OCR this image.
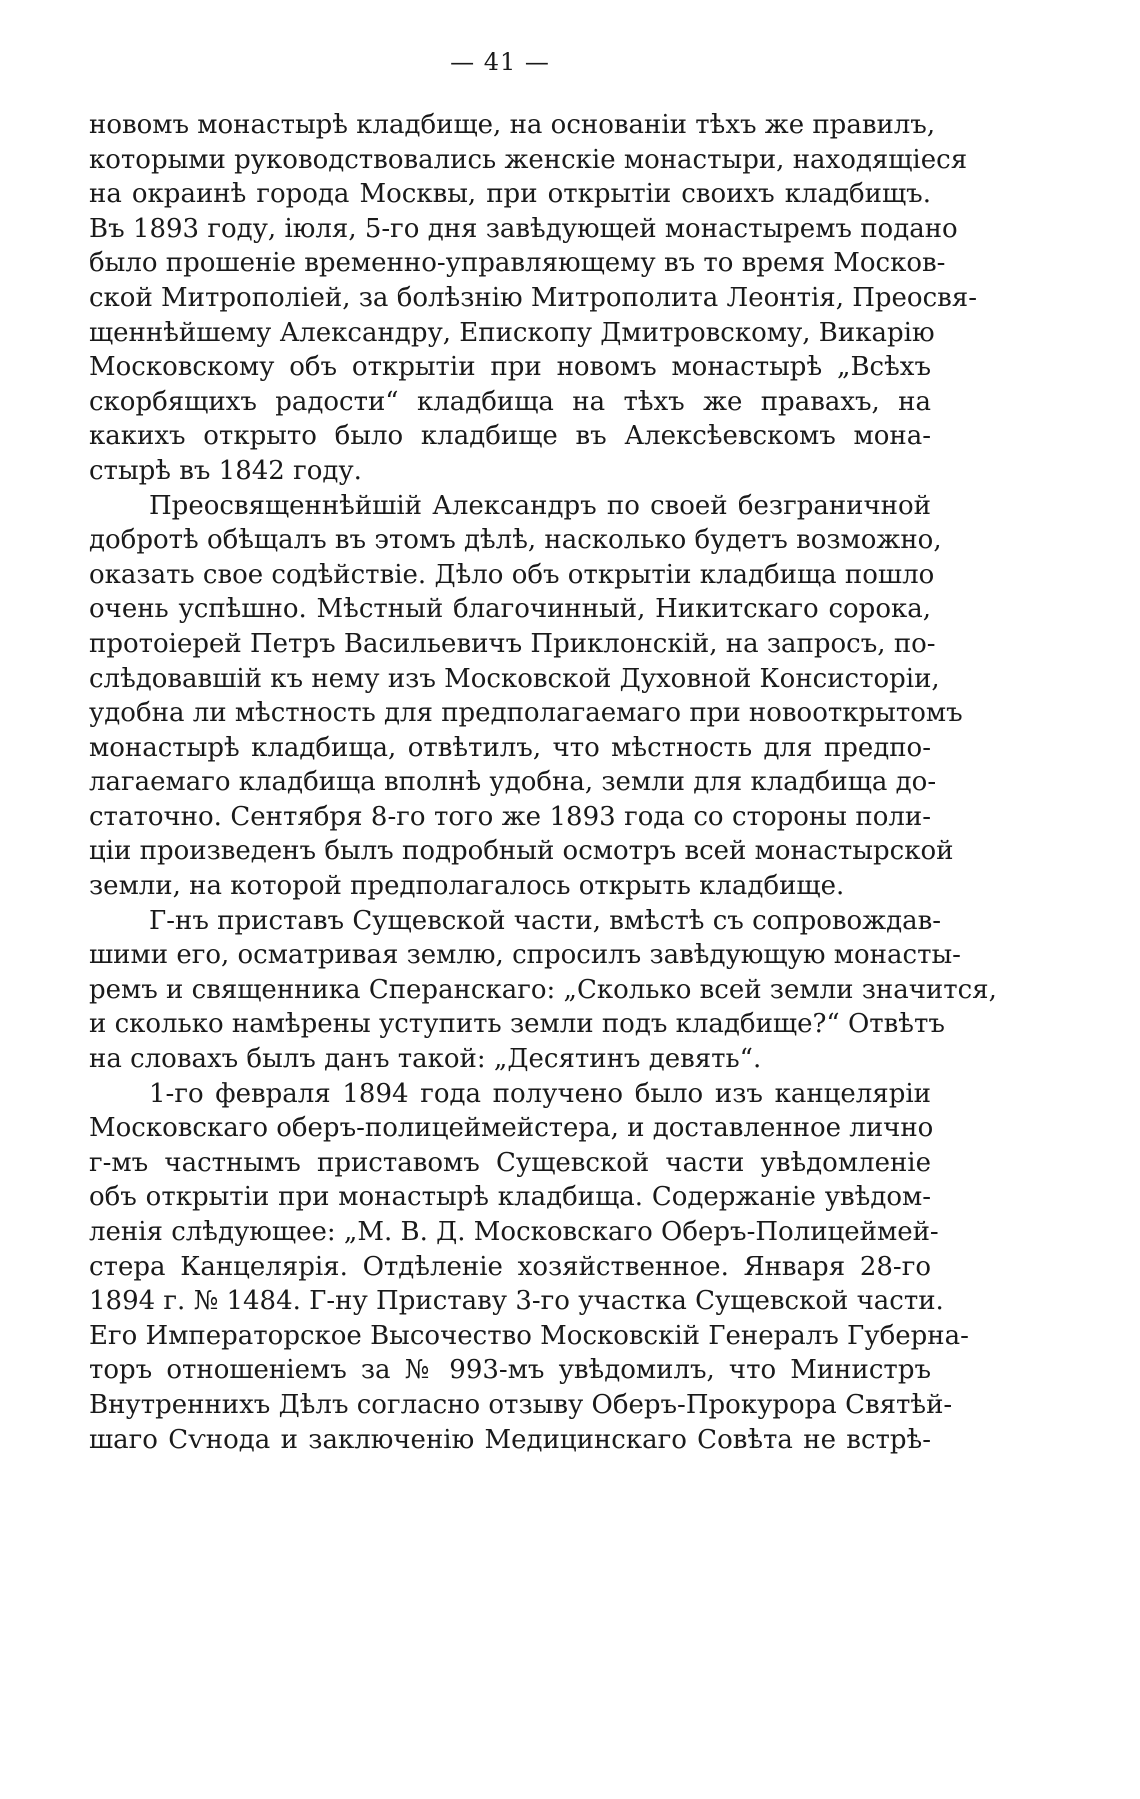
— 41 —
новомъ монастырѣ кладбище, на основаніи тѣхъ же правилъ,
которыми руководствовались женскіе монастыри, находящіеся
на окраинѣ города Москвы, при открытіи своихъ кладбищъ.
Въ 1893 году, іюля, 5-го дня завѣдующей монастыремъ подано
было прошеніе временно-управляющему въ то время Москов-
ской Митрополіей, за болѣзнію Митрополита Леонтія, Преосвя-
щеннѣйшему Александру, Епископу Дмитровскому, Викарію
Московскому объ открытіи при новомъ монастырѣ „Всѣхъ
скорбящихъ радости“ кладбища на тѣхъ же правахъ, на
какихъ открыто было кладбище въ Алексѣевскомъ мона-
стырѣ въ 1842 году.
Преосвященнѣйшій Александръ по своей безграничной
добротѣ обѣщалъ въ этомъ дѣлѣ, насколько будетъ возможно,
оказать свое содѣйствіе. Дѣло объ открытіи кладбища пошло
очень успѣшно. Мѣстный благочинный, Никитскаго сорока,
протоіерей Петръ Васильевичъ Приклонскій, на запросъ, по-
слѣдовавшій къ нему изъ Московской Духовной Консисторіи,
удобна ли мѣстность для предполагаемаго при новооткрытомъ
монастырѣ кладбища, отвѣтилъ, что мѣстность для предпо-
лагаемаго кладбища вполнѣ удобна, земли для кладбища до-
статочно. Сентября 8-го того же 1893 года со стороны поли-
ціи произведенъ былъ подробный осмотръ всей монастырской
земли, на которой предполагалось открыть кладбище.
Г-нъ приставъ Сущевской части, вмѣстѣ съ сопровождав-
шими его, осматривая землю, спросилъ завѣдующую монасты-
ремъ и священника Сперанскаго: „Сколько всей земли значится,
и сколько намѣрены уступить земли подъ кладбище?“ Отвѣтъ
на словахъ былъ данъ такой: „Десятинъ девять“.
1-го февраля 1894 года получено было изъ канцеляріи
Московскаго оберъ-полицеймейстера, и доставленное лично
г-мъ частнымъ приставомъ Сущевской части увѣдомленіе
объ открытіи при монастырѣ кладбища. Содержаніе увѣдом-
ленія слѣдующее: „М. В. Д. Московскаго Оберъ-Полицеймей-
стера Канцелярія. Отдѣленіе хозяйственное. Января 28-го
1894 г. № 1484. Г-ну Приставу 3-го участка Сущевской части.
Его Императорское Высочество Московскій Генералъ Губерна-
торъ отношеніемъ за № 993-мъ увѣдомилъ, что Министръ
Внутреннихъ Дѣлъ согласно отзыву Оберъ-Прокурора Святѣй-
шаго Сѵнода и заключенію Медицинскаго Совѣта не встрѣ-
